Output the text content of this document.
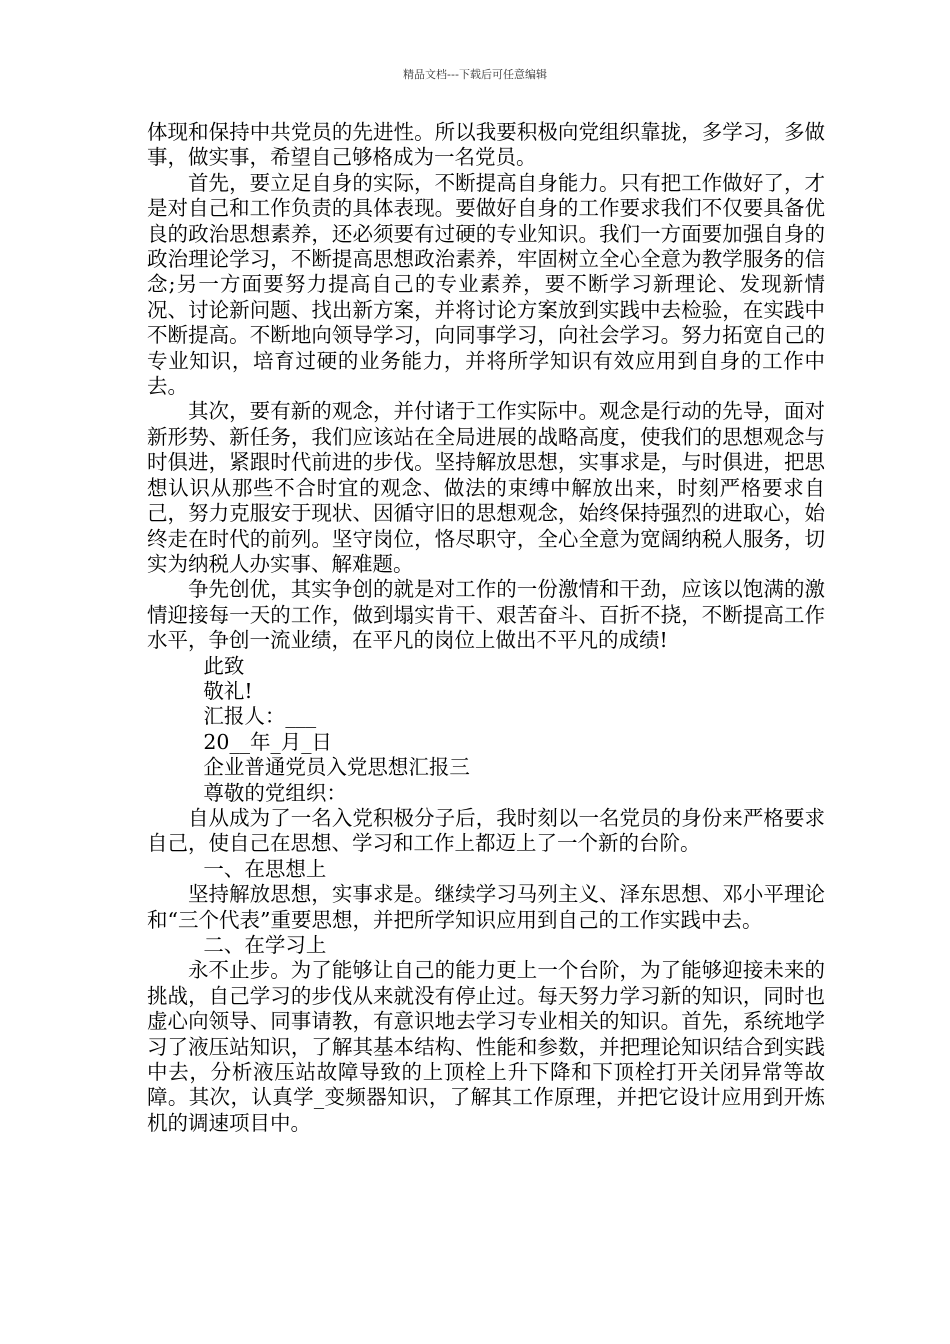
精品文档---下载后可任意编辑

体现和保持中共党员的先进性。所以我要积极向党组织靠拢，多学习，多做事，做实事，希望自己够格成为一名党员。

首先，要立足自身的实际，不断提高自身能力。只有把工作做好了，才是对自己和工作负责的具体表现。要做好自身的工作要求我们不仅要具备优良的政治思想素养，还必须要有过硬的专业知识。我们一方面要加强自身的政治理论学习，不断提高思想政治素养，牢固树立全心全意为教学服务的信念;另一方面要努力提高自己的专业素养，要不断学习新理论、发现新情况、讨论新问题、找出新方案，并将讨论方案放到实践中去检验，在实践中不断提高。不断地向领导学习，向同事学习，向社会学习。努力拓宽自己的专业知识，培育过硬的业务能力，并将所学知识有效应用到自身的工作中去。

其次，要有新的观念，并付诸于工作实际中。观念是行动的先导，面对新形势、新任务，我们应该站在全局进展的战略高度，使我们的思想观念与时俱进，紧跟时代前进的步伐。坚持解放思想，实事求是，与时俱进，把思想认识从那些不合时宜的观念、做法的束缚中解放出来，时刻严格要求自己，努力克服安于现状、因循守旧的思想观念，始终保持强烈的进取心，始终走在时代的前列。坚守岗位，恪尽职守，全心全意为宽阔纳税人服务，切实为纳税人办实事、解难题。

争先创优，其实争创的就是对工作的一份激情和干劲，应该以饱满的激情迎接每一天的工作，做到塌实肯干、艰苦奋斗、百折不挠，不断提高工作水平，争创一流业绩，在平凡的岗位上做出不平凡的成绩!

此致

敬礼!

汇报人：___

20__年_月_日

企业普通党员入党思想汇报三

尊敬的党组织：

自从成为了一名入党积极分子后，我时刻以一名党员的身份来严格要求自己，使自己在思想、学习和工作上都迈上了一个新的台阶。

一、在思想上

坚持解放思想，实事求是。继续学习马列主义、泽东思想、邓小平理论和“三个代表”重要思想，并把所学知识应用到自己的工作实践中去。

二、在学习上

永不止步。为了能够让自己的能力更上一个台阶，为了能够迎接未来的挑战，自己学习的步伐从来就没有停止过。每天努力学习新的知识，同时也虚心向领导、同事请教，有意识地去学习专业相关的知识。首先，系统地学习了液压站知识，了解其基本结构、性能和参数，并把理论知识结合到实践中去，分析液压站故障导致的上顶栓上升下降和下顶栓打开关闭异常等故障。其次，认真学_变频器知识，了解其工作原理，并把它设计应用到开炼机的调速项目中。
